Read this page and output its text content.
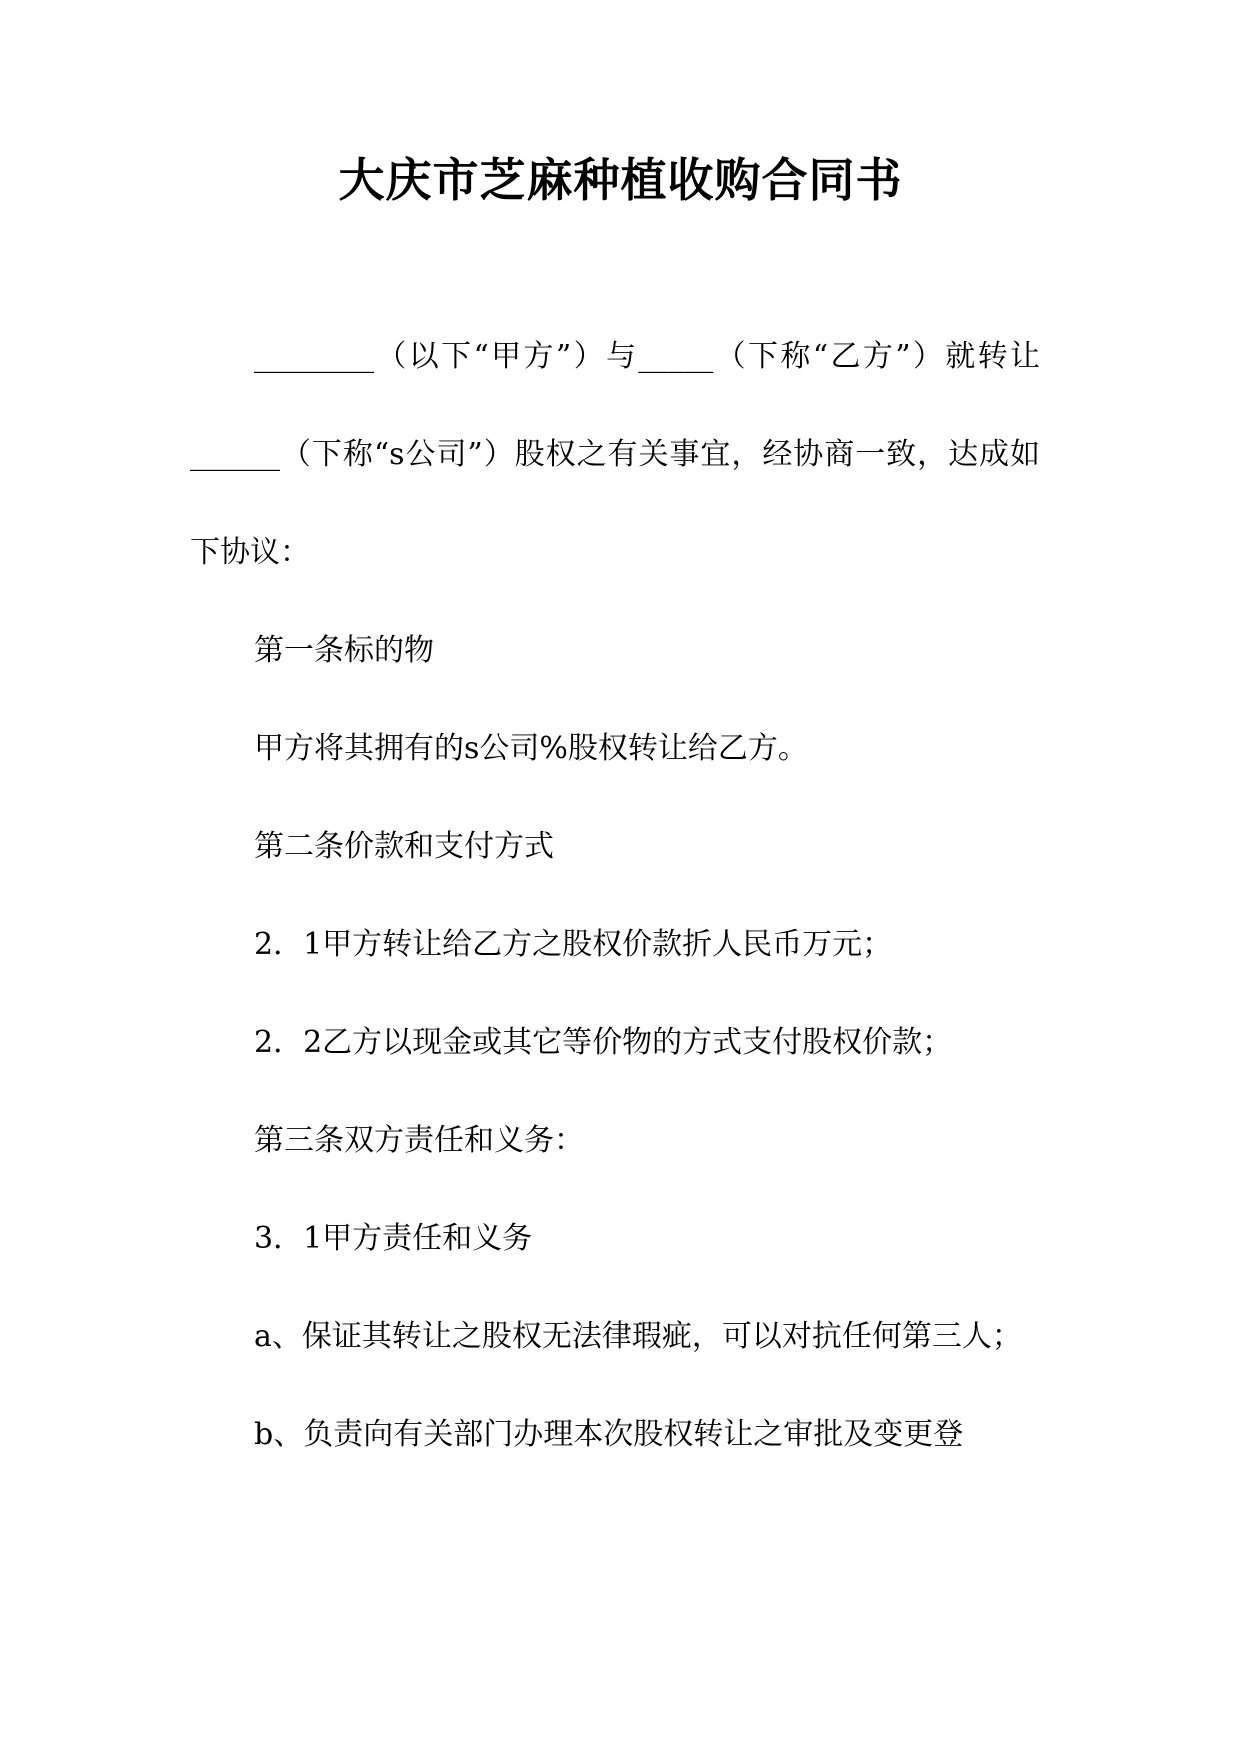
大庆市芝麻种植收购合同书

________（以下“甲方”）与_____（下称“乙方”）就转让______（下称“s公司”）股权之有关事宜，经协商一致，达成如下协议：

第一条标的物

甲方将其拥有的s公司%股权转让给乙方。

第二条价款和支付方式

2．1甲方转让给乙方之股权价款折人民币万元；

2．2乙方以现金或其它等价物的方式支付股权价款；

第三条双方责任和义务：

3．1甲方责任和义务

a、保证其转让之股权无法律瑕疵，可以对抗任何第三人；

b、负责向有关部门办理本次股权转让之审批及变更登
